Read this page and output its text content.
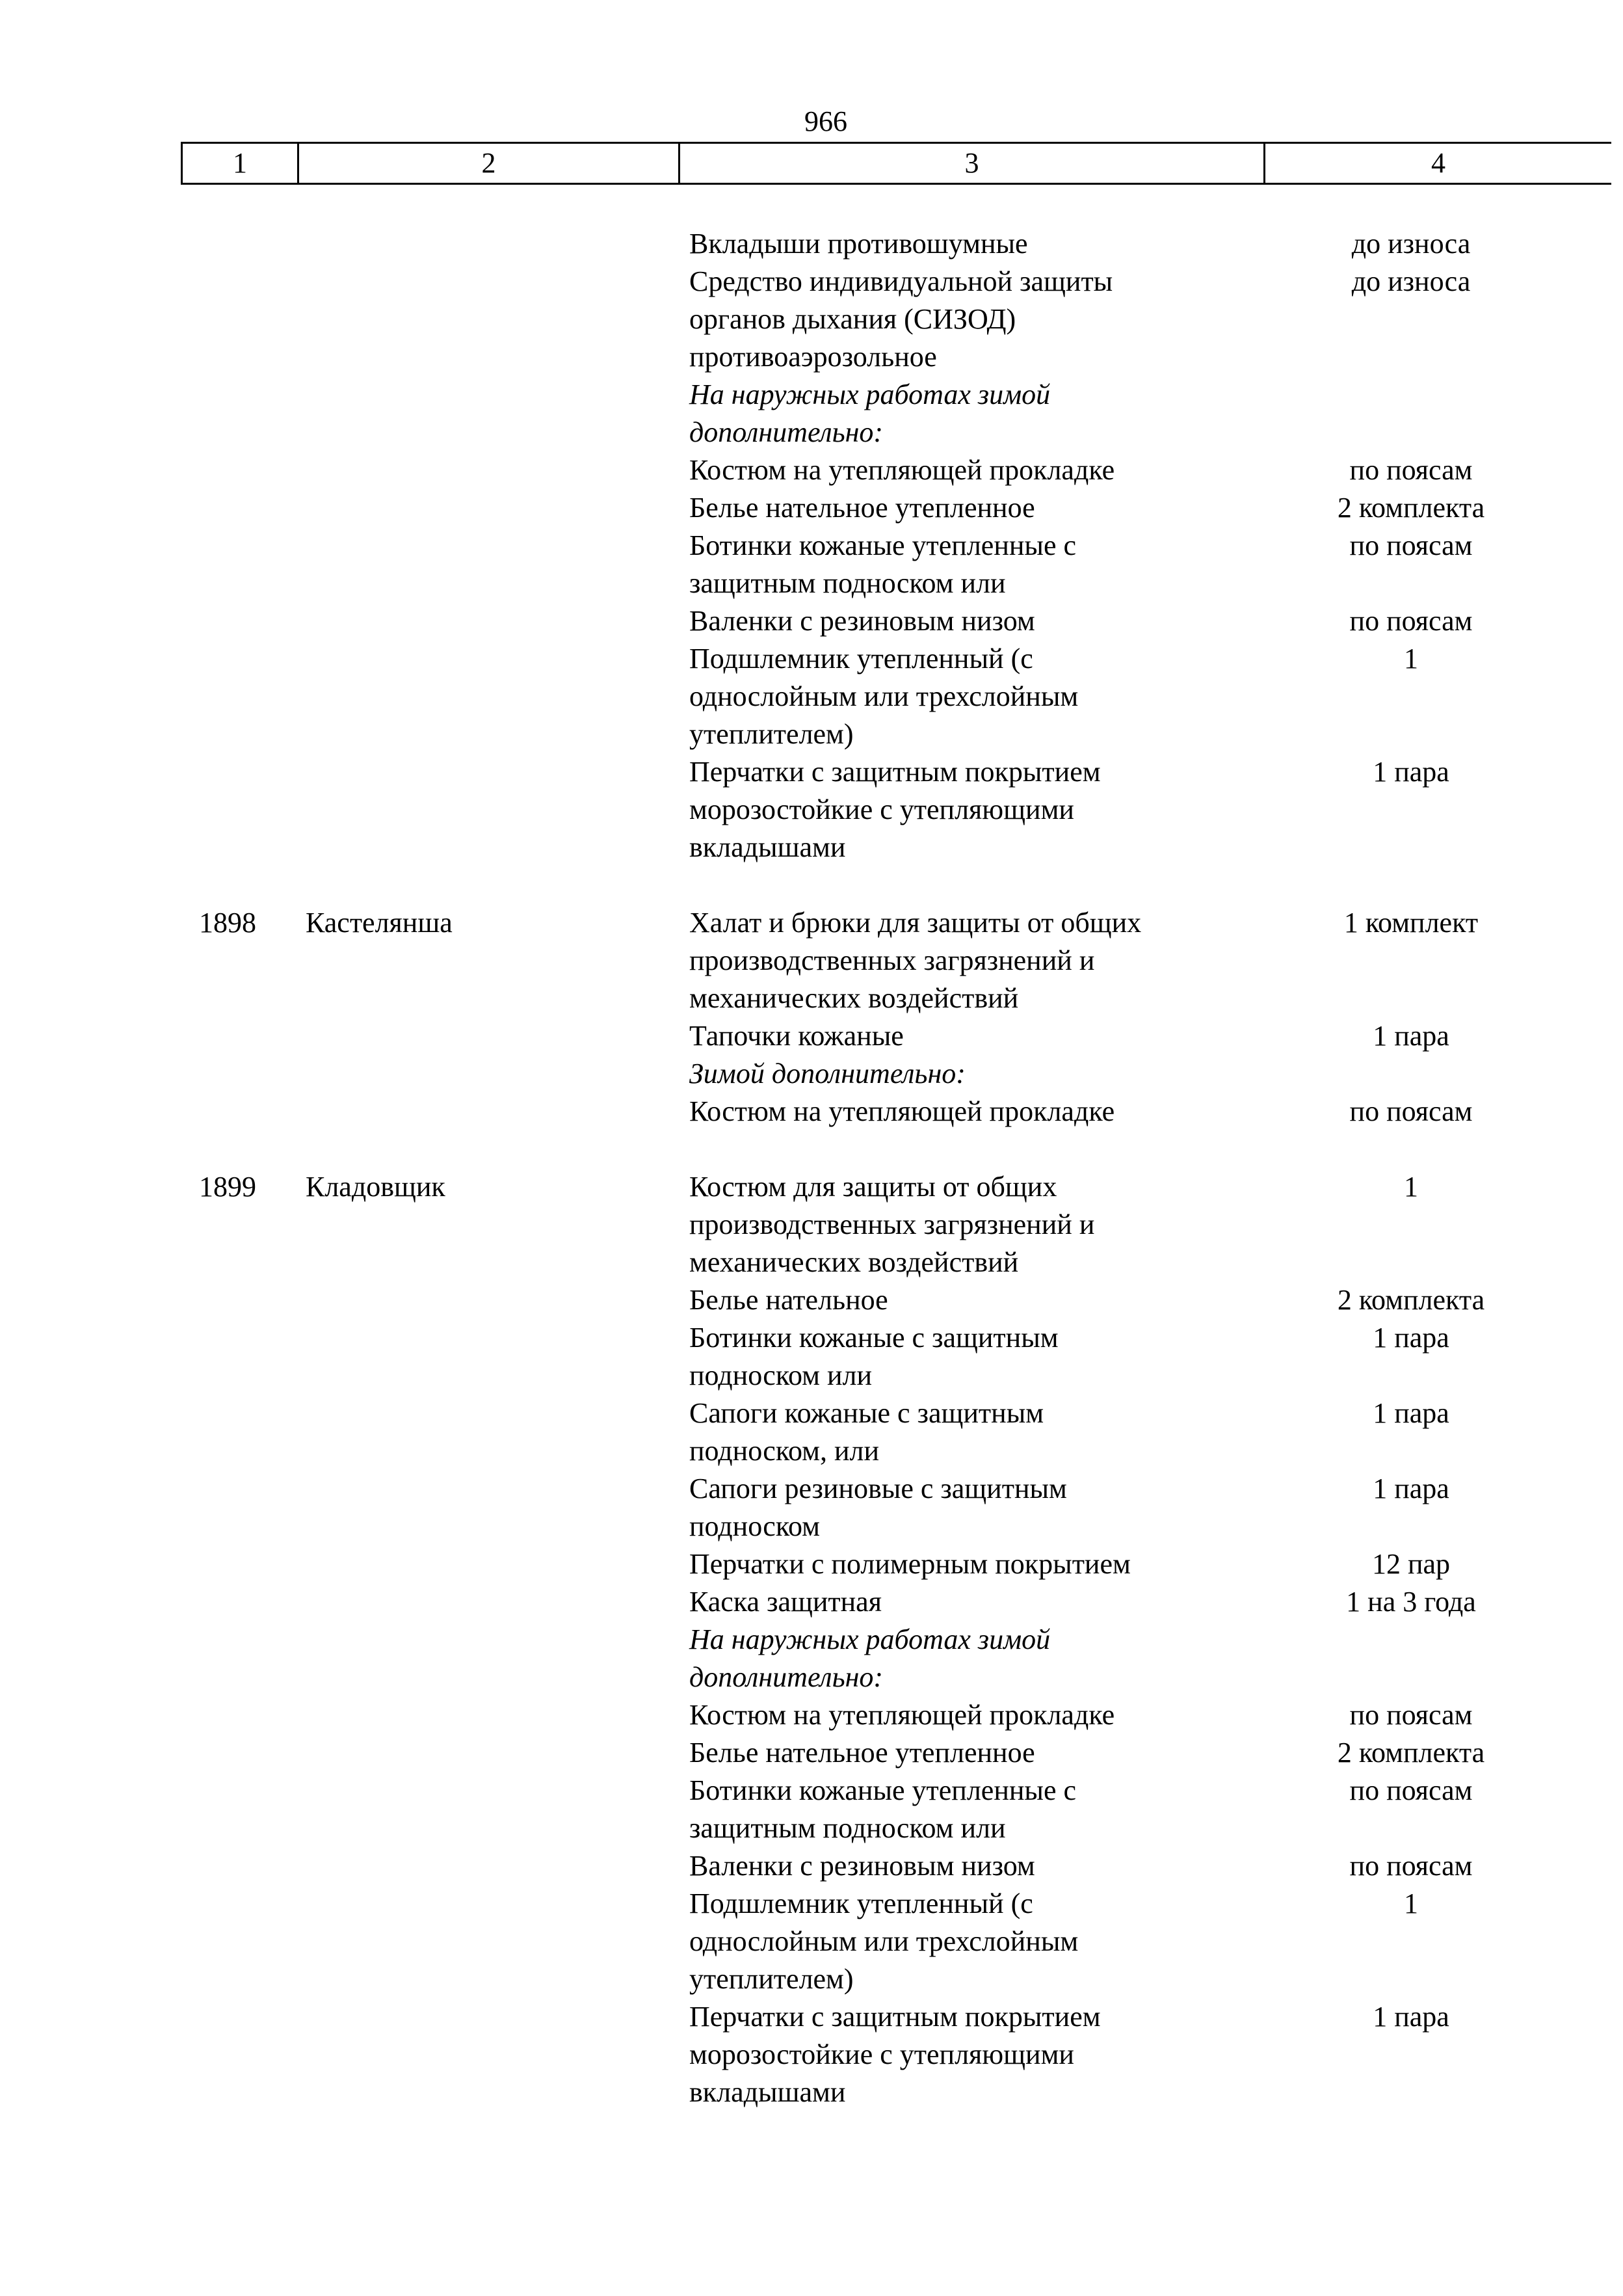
966
1	2	3	4
Вкладыши противошумные	до износа
Средство индивидуальной защиты	до износа
органов дыхания (СИЗОД)
противоаэрозольное
На наружных работах зимой
дополнительно:
Костюм на утепляющей прокладке	по поясам
Белье нательное утепленное	2 комплекта
Ботинки кожаные утепленные с	по поясам
защитным подноском или
Валенки с резиновым низом	по поясам
Подшлемник утепленный (с	1
однослойным или трехслойным
утеплителем)
Перчатки с защитным покрытием	1 пара
морозостойкие с утепляющими
вкладышами
1898 Кастелянша	Халат и брюки для защиты от общих	1 комплект
производственных загрязнений и
механических воздействий
Тапочки кожаные	1 пара
Зимой дополнительно:
Костюм на утепляющей прокладке	по поясам
1899 Кладовщик	Костюм для защиты от общих	1
производственных загрязнений и
механических воздействий
Белье нательное	2 комплекта
Ботинки кожаные с защитным	1 пара
подноском или
Сапоги кожаные с защитным	1 пара
подноском, или
Сапоги резиновые с защитным	1 пара
подноском
Перчатки с полимерным покрытием	12 пар
Каска защитная	1 на 3 года
На наружных работах зимой
дополнительно:
Костюм на утепляющей прокладке	по поясам
Белье нательное утепленное	2 комплекта
Ботинки кожаные утепленные с	по поясам
защитным подноском или
Валенки с резиновым низом	по поясам
Подшлемник утепленный (с	1
однослойным или трехслойным
утеплителем)
Перчатки с защитным покрытием	1 пара
морозостойкие с утепляющими
вкладышами
